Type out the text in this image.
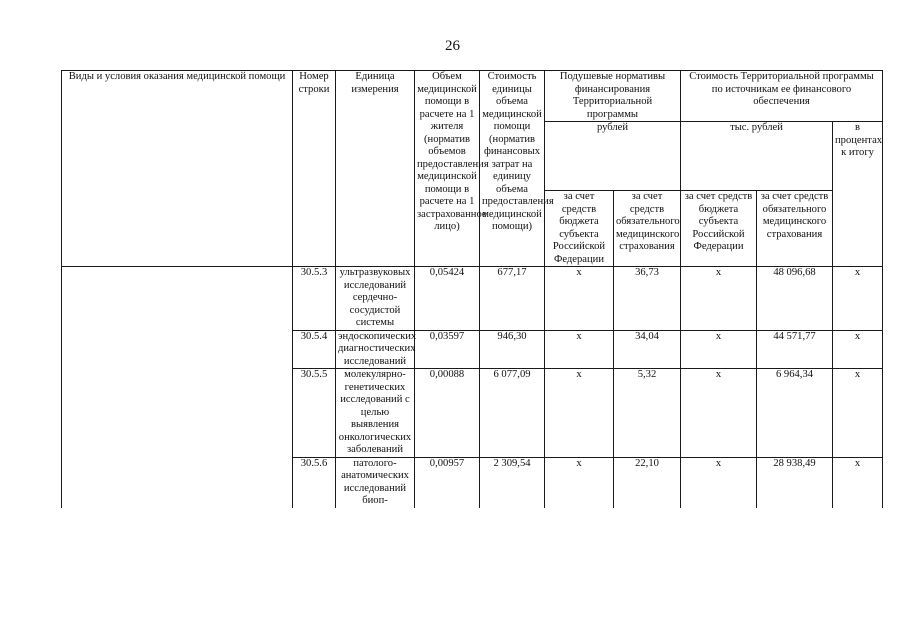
26
Виды и условия оказания медицинской помощи	Номер строки	Единица измерения	Объем медицинской помощи в расчете на 1 жителя (норматив объемов предоставления медицинской помощи в расчете на 1 застрахованное лицо)	Стоимость единицы объема медицинской помощи (норматив финансовых затрат на единицу объема предоставления медицинской помощи)	Подушевые нормативы финансирования Территориальной программы		Стоимость Территориальной программы по источникам ее финансового обеспечения		
					рублей		тыс. рублей		в процентах к итогу
					за счет средств бюджета субъекта Российской Федерации	за счет средств обязательного медицинского страхования	за счет средств бюджета субъекта Российской Федерации	за счет средств обязательного медицинского страхования	
	30.5.3	ультразвуковых исследований сердечно-сосудистой системы	0,05424	677,17	х	36,73	х	48 096,68	х
	30.5.4	эндоскопических диагностических исследований	0,03597	946,30	х	34,04	х	44 571,77	х
	30.5.5	молекулярно-генетических исследований с целью выявления онкологических заболеваний	0,00088	6 077,09	х	5,32	х	6 964,34	х
	30.5.6	патолого-анатомических исследований биоп-	0,00957	2 309,54	х	22,10	х	28 938,49	х
